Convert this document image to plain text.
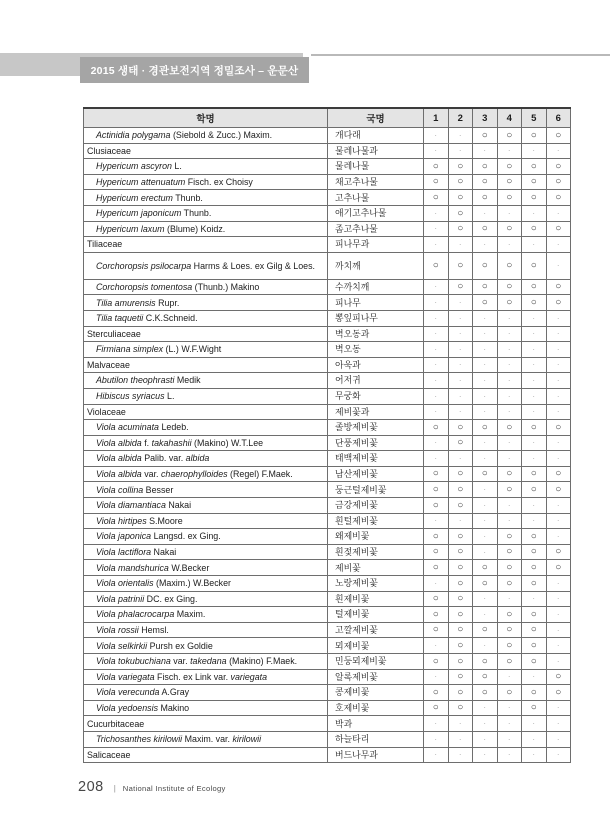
2015 생태 · 경관보전지역 정밀조사 – 운문산
학명	국명	1	2	3	4	5	6
Actinidia polygama (Siebold & Zucc.) Maxim.	개다래	·	·	○	○	○	○
Clusiaceae	물레나물과	·	·	·	·	·	·
Hypericum ascyron L.	물레나물	○	○	○	○	○	○
Hypericum attenuatum Fisch. ex Choisy	채고추나물	○	○	○	○	○	○
Hypericum erectum Thunb.	고추나물	○	○	○	○	○	○
Hypericum japonicum Thunb.	애기고추나물	·	○	·	·	·	·
Hypericum laxum (Blume) Koidz.	좀고추나물	·	○	○	○	○	○
Tiliaceae	피나무과	·	·	·	·	·	·
Corchoropsis psilocarpa Harms & Loes. ex Gilg & Loes.	까치깨	○	○	○	○	○	·
Corchoropsis tomentosa (Thunb.) Makino	수까치깨	·	○	○	○	○	○
Tilia amurensis Rupr.	피나무	·	·	○	○	○	○
Tilia taquetii C.K.Schneid.	뽕잎피나무	·	·	·	·	·	·
Sterculiaceae	벽오동과	·	·	·	·	·	·
Firmiana simplex (L.) W.F.Wight	벽오동	·	·	·	·	·	·
Malvaceae	아욱과	·	·	·	·	·	·
Abutilon theophrasti Medik	어저귀	·	·	·	·	·	·
Hibiscus syriacus L.	무궁화	·	·	·	·	·	·
Violaceae	제비꽃과	·	·	·	·	·	·
Viola acuminata Ledeb.	졸방제비꽃	○	○	○	○	○	○
Viola albida f. takahashii (Makino) W.T.Lee	단풍제비꽃	·	○	·	·	·	·
Viola albida Palib. var. albida	태백제비꽃	·	·	·	·	·	·
Viola albida var. chaerophylloides (Regel) F.Maek.	남산제비꽃	○	○	○	○	○	○
Viola collina Besser	둥근털제비꽃	○	○	·	○	○	○
Viola diamantiaca Nakai	금강제비꽃	○	○	·	·	·	·
Viola hirtipes S.Moore	흰털제비꽃	·	·	·	·	·	·
Viola japonica Langsd. ex Ging.	왜제비꽃	○	○	·	○	○	·
Viola lactiflora Nakai	흰젖제비꽃	○	○	·	○	○	○
Viola mandshurica W.Becker	제비꽃	○	○	○	○	○	○
Viola orientalis (Maxim.) W.Becker	노랑제비꽃	·	○	○	○	○	·
Viola patrinii DC. ex Ging.	흰제비꽃	○	○	·	·	·	·
Viola phalacrocarpa Maxim.	털제비꽃	○	○	·	○	○	·
Viola rossii Hemsl.	고깔제비꽃	○	○	○	○	○	·
Viola selkirkii Pursh ex Goldie	뫼제비꽃	·	○	·	○	○	·
Viola tokubuchiana var. takedana (Makino) F.Maek.	민둥뫼제비꽃	○	○	○	○	○	·
Viola variegata Fisch. ex Link var. variegata	알록제비꽃	·	○	○	·	·	○
Viola verecunda A.Gray	콩제비꽃	○	○	○	○	○	○
Viola yedoensis Makino	호제비꽃	○	○	·	·	○	·
Cucurbitaceae	박과	·	·	·	·	·	·
Trichosanthes kirilowii Maxim. var. kirilowii	하늘타리	·	·	·	·	·	·
Salicaceae	버드나무과	·	·	·	·	·	·
208 | National Institute of Ecology
